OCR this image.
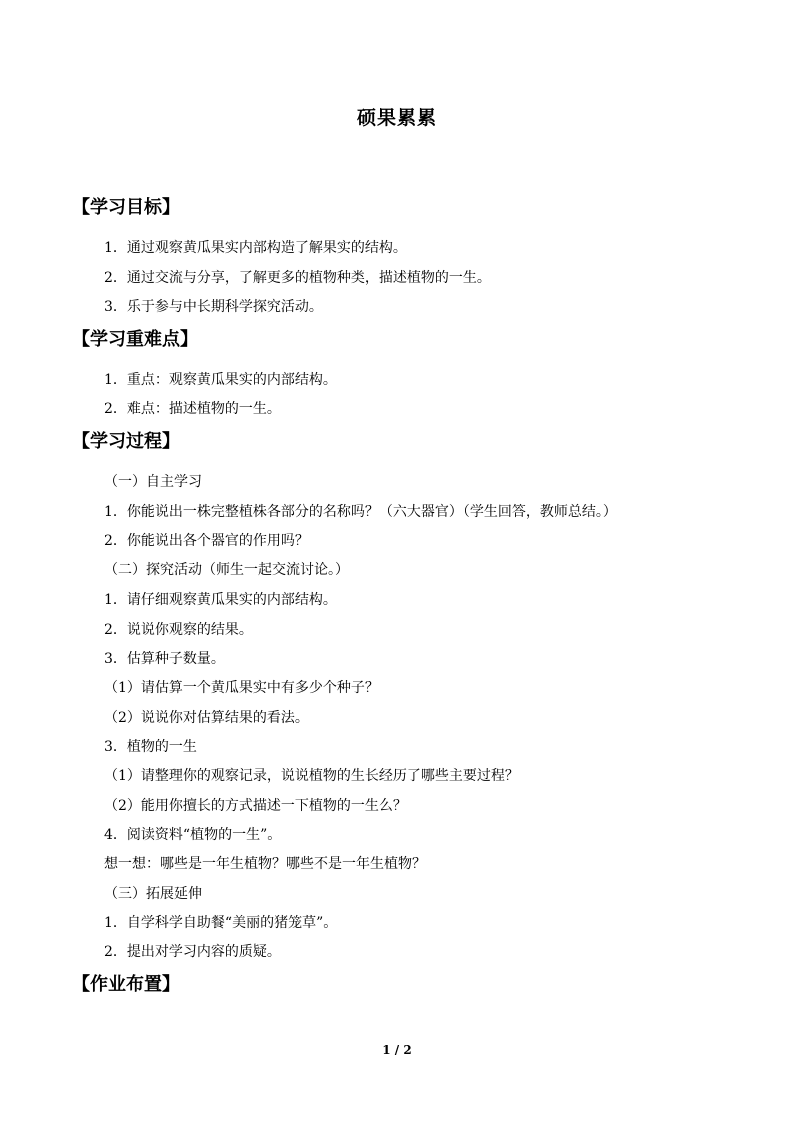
硕果累累
【学习目标】
1．通过观察黄瓜果实内部构造了解果实的结构。
2．通过交流与分享，了解更多的植物种类，描述植物的一生。
3．乐于参与中长期科学探究活动。
【学习重难点】
1．重点：观察黄瓜果实的内部结构。
2．难点：描述植物的一生。
【学习过程】
（一）自主学习
1．你能说出一株完整植株各部分的名称吗？（六大器官）（学生回答，教师总结。）
2．你能说出各个器官的作用吗？
（二）探究活动（师生一起交流讨论。）
1．请仔细观察黄瓜果实的内部结构。
2．说说你观察的结果。
3．估算种子数量。
（1）请估算一个黄瓜果实中有多少个种子？
（2）说说你对估算结果的看法。
3．植物的一生
（1）请整理你的观察记录，说说植物的生长经历了哪些主要过程？
（2）能用你擅长的方式描述一下植物的一生么？
4．阅读资料“植物的一生”。
想一想：哪些是一年生植物？哪些不是一年生植物？
（三）拓展延伸
1．自学科学自助餐“美丽的猪笼草”。
2．提出对学习内容的质疑。
【作业布置】
1 / 2
